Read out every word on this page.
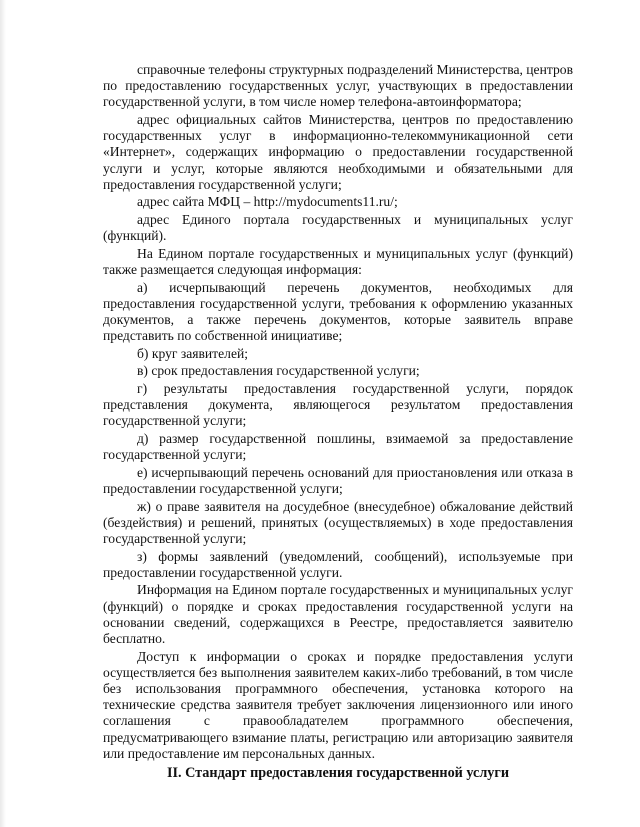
справочные телефоны структурных подразделений Министерства, центров по предоставлению государственных услуг, участвующих в предоставлении государственной услуги, в том числе номер телефона-автоинформатора;

адрес официальных сайтов Министерства, центров по предоставлению государственных услуг в информационно-телекоммуникационной сети «Интернет», содержащих информацию о предоставлении государственной услуги и услуг, которые являются необходимыми и обязательными для предоставления государственной услуги;

адрес сайта МФЦ – http://mydocuments11.ru/;

адрес Единого портала государственных и муниципальных услуг (функций).

На Едином портале государственных и муниципальных услуг (функций) также размещается следующая информация:

а) исчерпывающий перечень документов, необходимых для предоставления государственной услуги, требования к оформлению указанных документов, а также перечень документов, которые заявитель вправе представить по собственной инициативе;

б) круг заявителей;

в) срок предоставления государственной услуги;

г) результаты предоставления государственной услуги, порядок представления документа, являющегося результатом предоставления государственной услуги;

д) размер государственной пошлины, взимаемой за предоставление государственной услуги;

е) исчерпывающий перечень оснований для приостановления или отказа в предоставлении государственной услуги;

ж) о праве заявителя на досудебное (внесудебное) обжалование действий (бездействия) и решений, принятых (осуществляемых) в ходе предоставления государственной услуги;

з) формы заявлений (уведомлений, сообщений), используемые при предоставлении государственной услуги.

Информация на Едином портале государственных и муниципальных услуг (функций) о порядке и сроках предоставления государственной услуги на основании сведений, содержащихся в Реестре, предоставляется заявителю бесплатно.

Доступ к информации о сроках и порядке предоставления услуги осуществляется без выполнения заявителем каких-либо требований, в том числе без использования программного обеспечения, установка которого на технические средства заявителя требует заключения лицензионного или иного соглашения с правообладателем программного обеспечения, предусматривающего взимание платы, регистрацию или авторизацию заявителя или предоставление им персональных данных.

II. Стандарт предоставления государственной услуги
